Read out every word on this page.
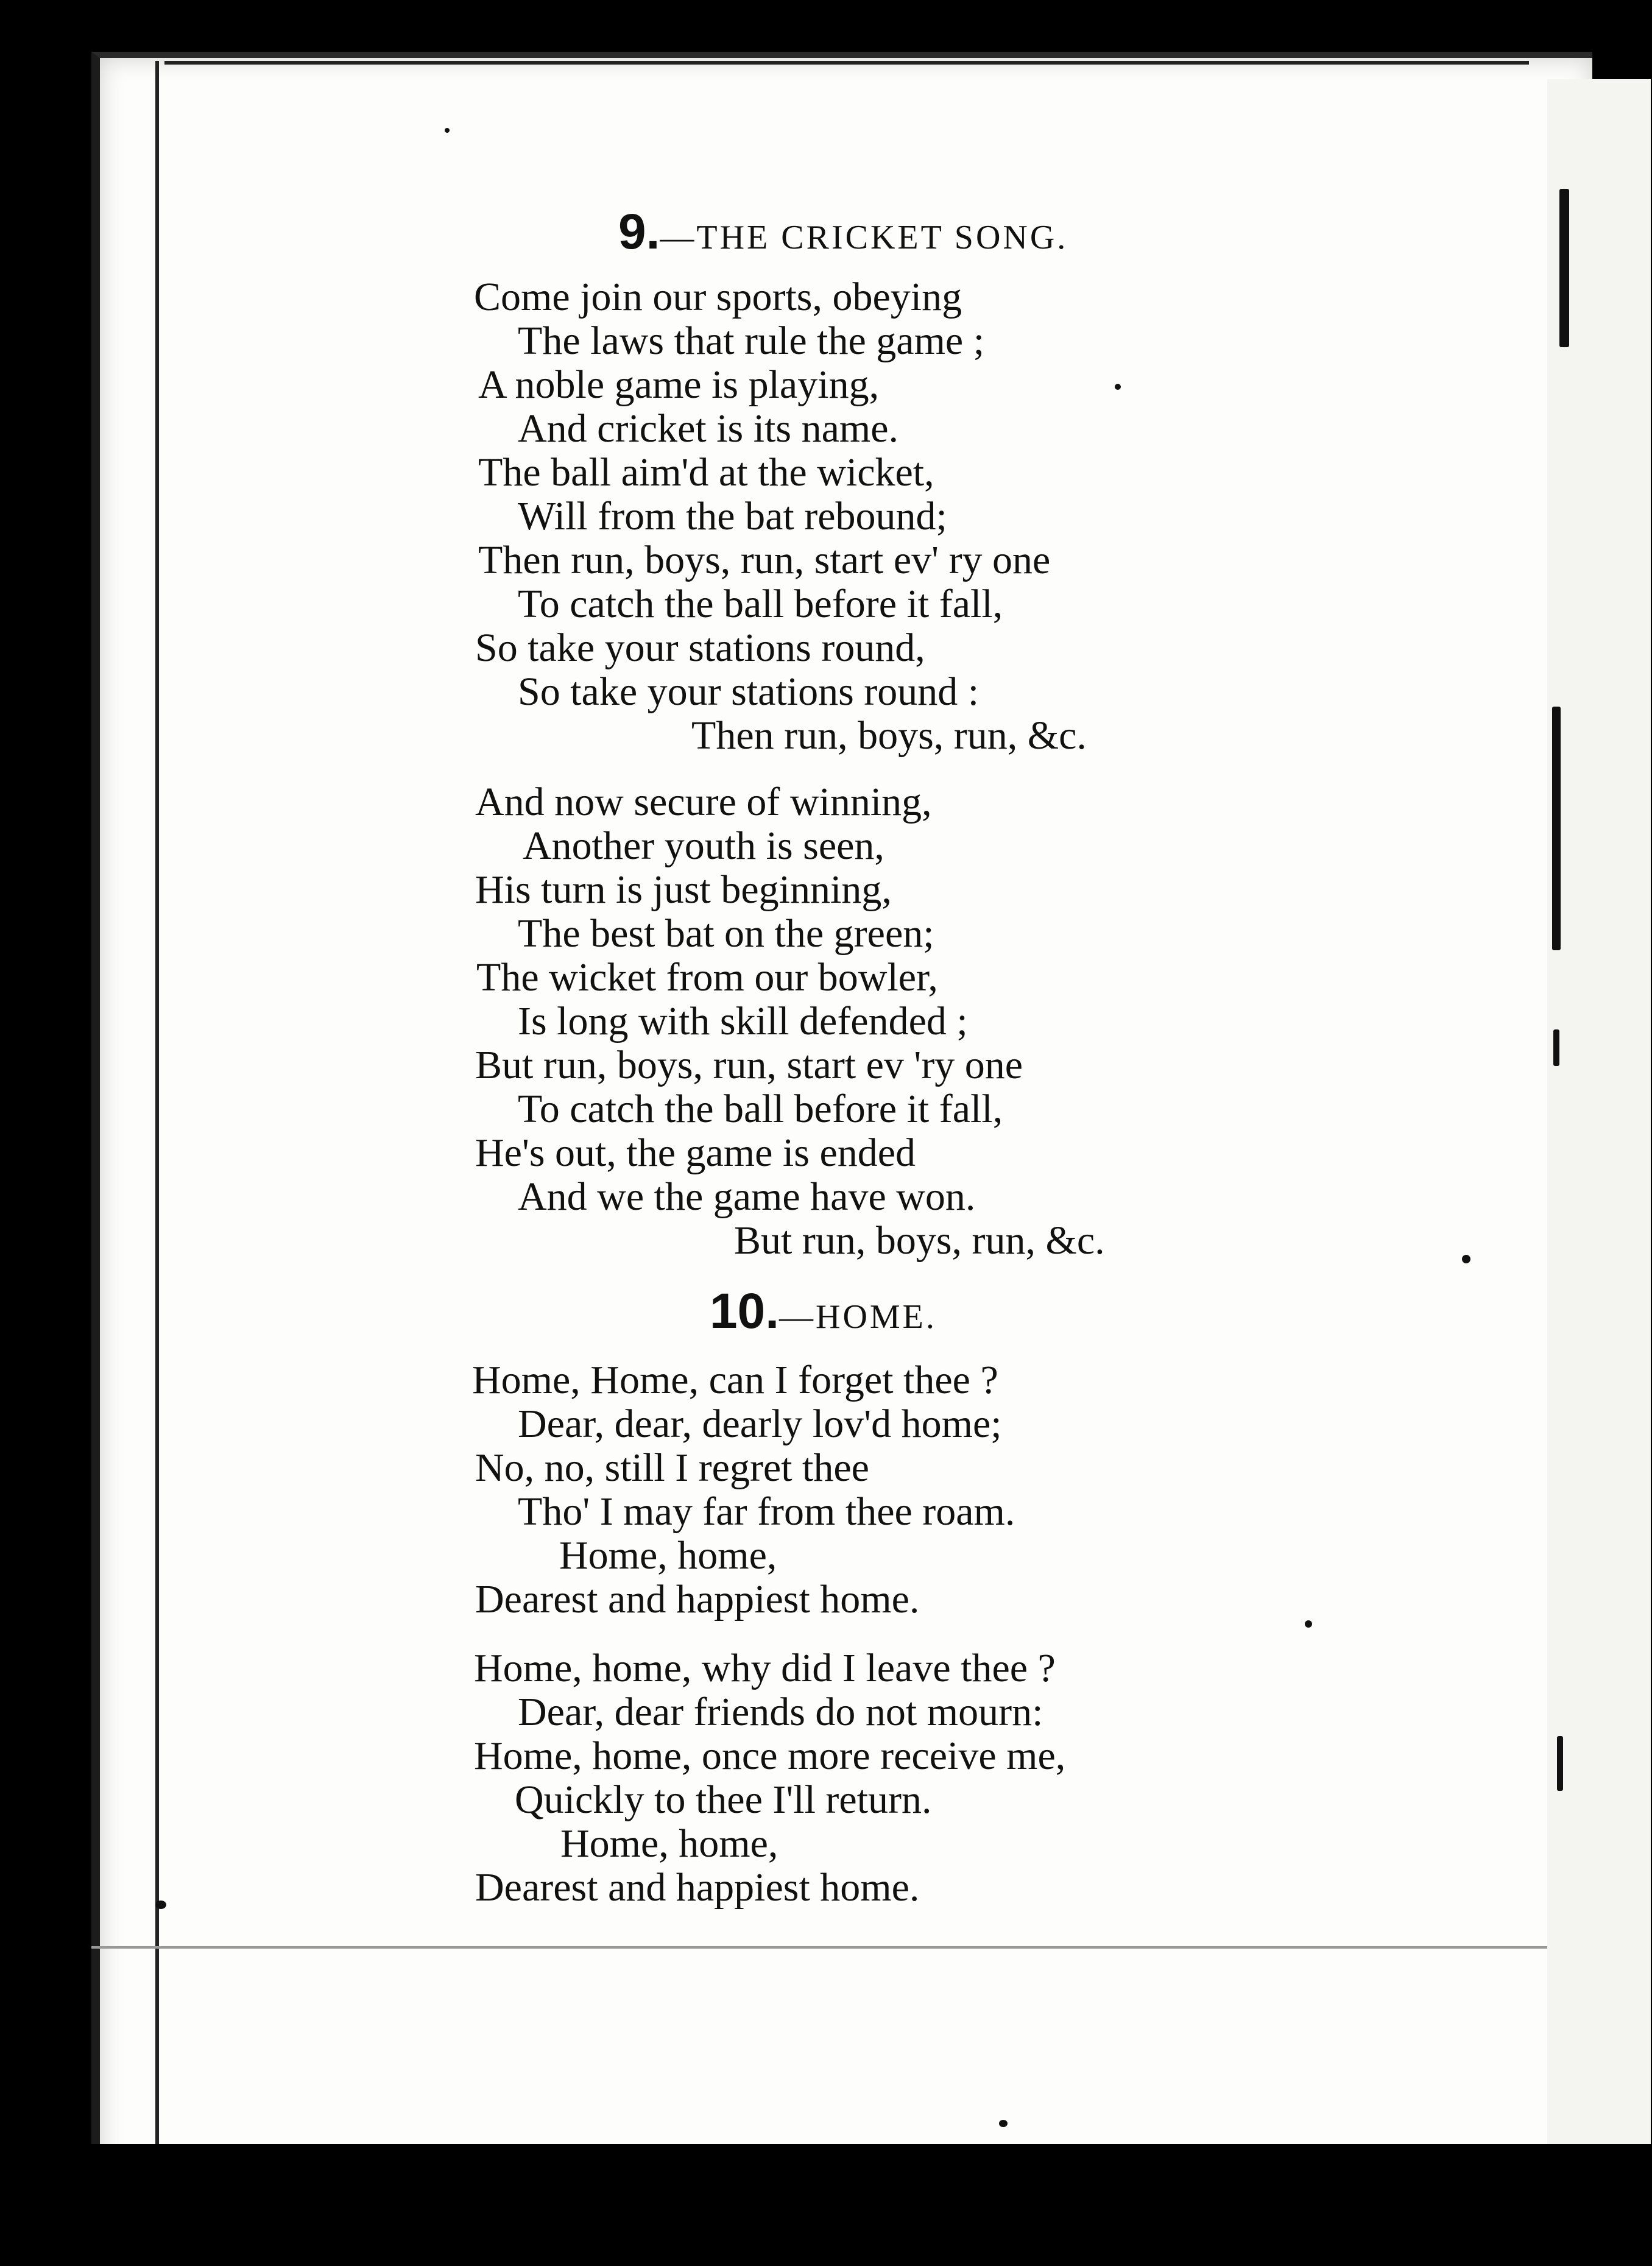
9.—THE CRICKET SONG.
Come join our sports, obeying
The laws that rule the game ;
A noble game is playing,
And cricket is its name.
The ball aim'd at the wicket,
Will from the bat rebound;
Then run, boys, run, start ev' ry one
To catch the ball before it fall,
So take your stations round,
So take your stations round :
Then run, boys, run, &c.
And now secure of winning,
Another youth is seen,
His turn is just beginning,
The best bat on the green;
The wicket from our bowler,
Is long with skill defended ;
But run, boys, run, start ev 'ry one
To catch the ball before it fall,
He's out, the game is ended
And we the game have won.
But run, boys, run, &c.
10.—HOME.
Home, Home, can I forget thee ?
Dear, dear, dearly lov'd home;
No, no, still I regret thee
Tho' I may far from thee roam.
Home, home,
Dearest and happiest home.
Home, home, why did I leave thee ?
Dear, dear friends do not mourn:
Home, home, once more receive me,
Quickly to thee I'll return.
Home, home,
Dearest and happiest home.
